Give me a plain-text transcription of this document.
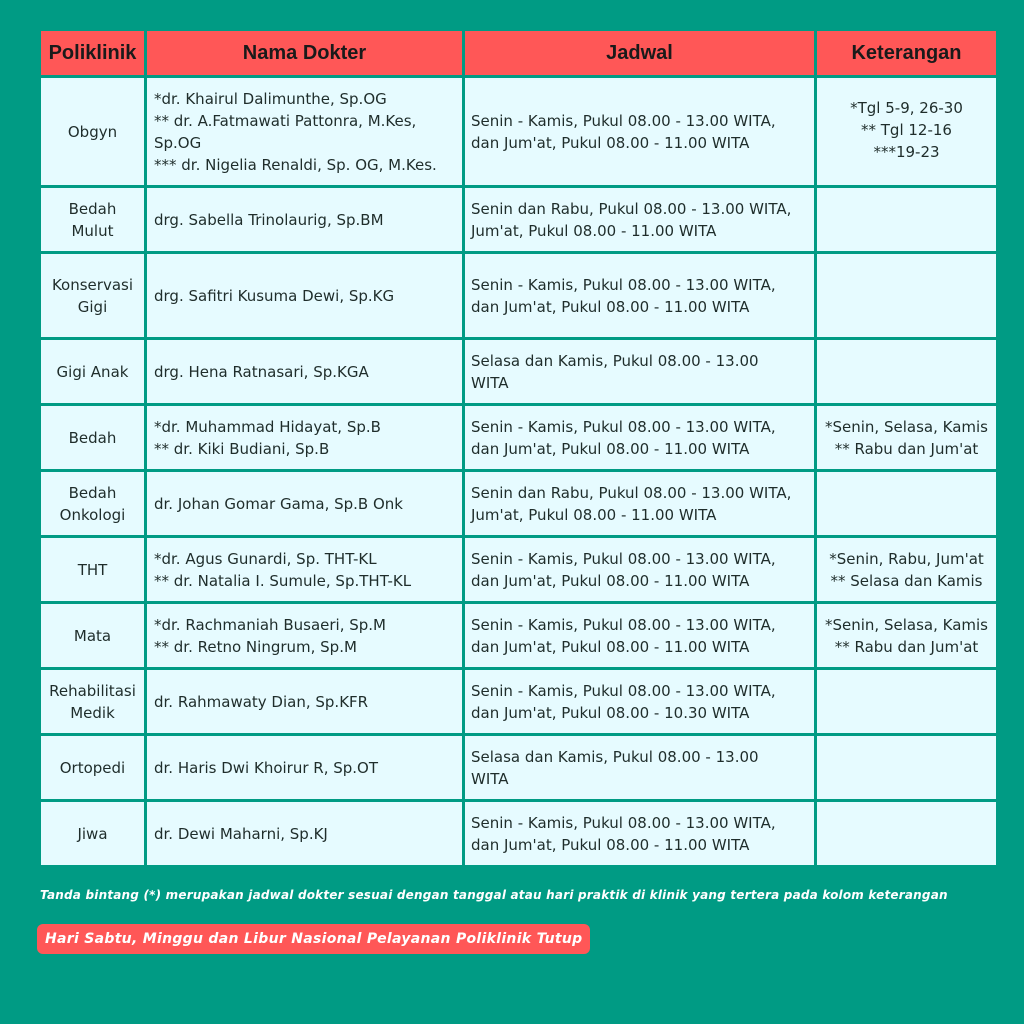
Poliklinik	Nama Dokter	Jadwal	Keterangan

Obgyn	*dr. Khairul Dalimunthe, Sp.OG
** dr. A.Fatmawati Pattonra, M.Kes, Sp.OG
*** dr. Nigelia Renaldi, Sp. OG, M.Kes.	Senin - Kamis, Pukul 08.00 - 13.00 WITA,
dan Jum'at, Pukul 08.00 - 11.00 WITA	*Tgl 5-9, 26-30
** Tgl 12-16
***19-23

Bedah
Mulut	drg. Sabella Trinolaurig, Sp.BM	Senin dan Rabu, Pukul 08.00 - 13.00 WITA,
Jum'at, Pukul 08.00 - 11.00 WITA	

Konservasi
Gigi	drg. Safitri Kusuma Dewi, Sp.KG	Senin - Kamis, Pukul 08.00 - 13.00 WITA,
dan Jum'at, Pukul 08.00 - 11.00 WITA	

Gigi Anak	drg. Hena Ratnasari, Sp.KGA	Selasa dan Kamis, Pukul 08.00 - 13.00
WITA	

Bedah	*dr. Muhammad Hidayat, Sp.B
** dr. Kiki Budiani, Sp.B	Senin - Kamis, Pukul 08.00 - 13.00 WITA,
dan Jum'at, Pukul 08.00 - 11.00 WITA	*Senin, Selasa, Kamis
** Rabu dan Jum'at

Bedah
Onkologi	dr. Johan Gomar Gama, Sp.B Onk	Senin dan Rabu, Pukul 08.00 - 13.00 WITA,
Jum'at, Pukul 08.00 - 11.00 WITA	

THT	*dr. Agus Gunardi, Sp. THT-KL
** dr. Natalia I. Sumule, Sp.THT-KL	Senin - Kamis, Pukul 08.00 - 13.00 WITA,
dan Jum'at, Pukul 08.00 - 11.00 WITA	*Senin, Rabu, Jum'at
** Selasa dan Kamis

Mata	*dr. Rachmaniah Busaeri, Sp.M
** dr. Retno Ningrum, Sp.M	Senin - Kamis, Pukul 08.00 - 13.00 WITA,
dan Jum'at, Pukul 08.00 - 11.00 WITA	*Senin, Selasa, Kamis
** Rabu dan Jum'at

Rehabilitasi
Medik	dr. Rahmawaty Dian, Sp.KFR	Senin - Kamis, Pukul 08.00 - 13.00 WITA,
dan Jum'at, Pukul 08.00 - 10.30 WITA	

Ortopedi	dr. Haris Dwi Khoirur R, Sp.OT	Selasa dan Kamis, Pukul 08.00 - 13.00
WITA	

Jiwa	dr. Dewi Maharni, Sp.KJ	Senin - Kamis, Pukul 08.00 - 13.00 WITA,
dan Jum'at, Pukul 08.00 - 11.00 WITA	

Tanda bintang (*) merupakan jadwal dokter sesuai dengan tanggal atau hari praktik di klinik yang tertera pada kolom keterangan
Hari Sabtu, Minggu dan Libur Nasional Pelayanan Poliklinik Tutup
